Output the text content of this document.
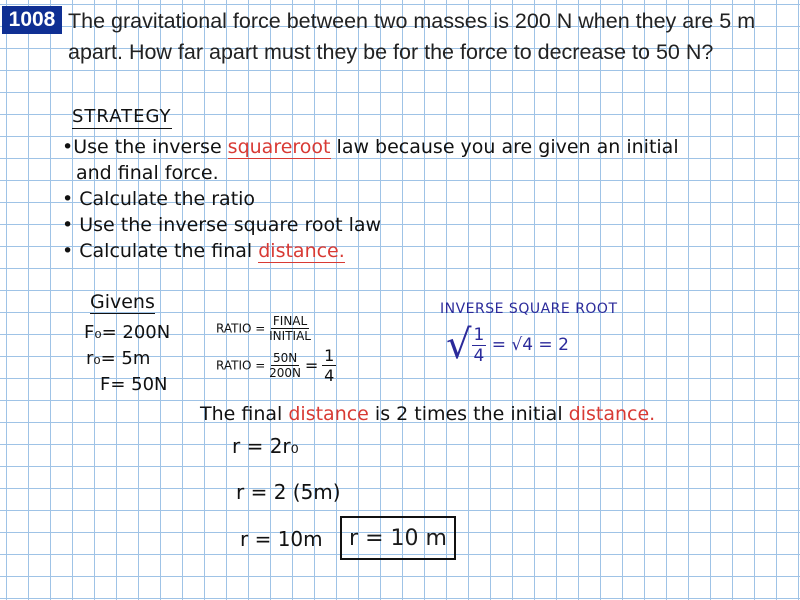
1008 The gravitational force between two masses is 200 N when they are 5 m apart. How far apart must they be for the force to decrease to 50 N?
STRATEGY
•Use the inverse squareroot law because you are given an initial
and final force.
• Calculate the ratio
• Use the inverse square root law
• Calculate the final distance.
Givens
F₀= 200N
r₀= 5m
F= 50N
RATIO = $\frac{\text{FINAL}}{\text{INITIAL}}$
RATIO = $\frac{50N}{200N} = \frac{1}{4}$
INVERSE SQUARE ROOT
√ $\frac{1}{4} = √4 = 2$
The final distance is 2 times the initial distance.
r = 2r₀
r = 2 (5m)
r = 10m	r = 10 m
